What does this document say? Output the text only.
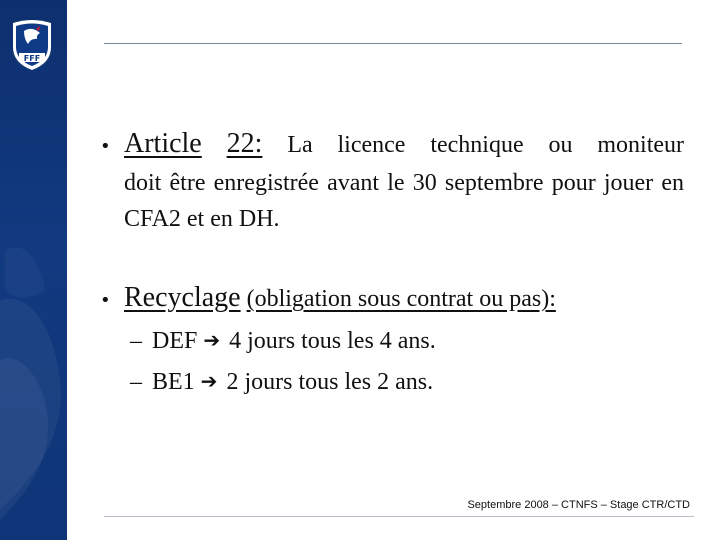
FFF
• Article 22: La licence technique ou moniteur
doit être enregistrée avant le 30 septembre pour jouer en CFA2 et en DH.
• Recyclage (obligation sous contrat ou pas):
– DEF ➔ 4 jours tous les 4 ans.
– BE1 ➔ 2 jours tous les 2 ans.
Septembre 2008 – CTNFS – Stage CTR/CTD
